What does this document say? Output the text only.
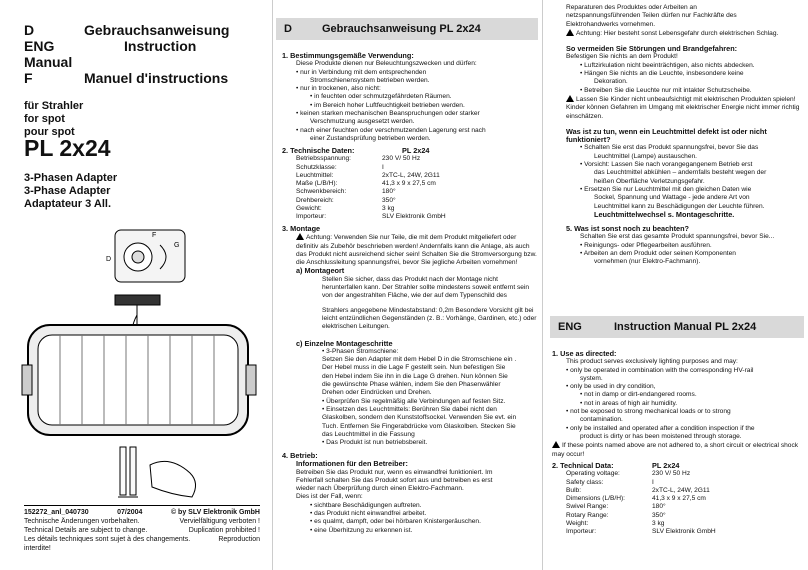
D	Gebrauchsanweisung
ENG	Instruction
Manual
F	Manuel d'instructions
für Strahler
for spot
pour spot
PL 2x24
3-Phasen Adapter
3-Phase Adapter
Adaptateur 3 All.
F
G
D
152272_anl_040730	07/2004	© by SLV Elektronik GmbH
Technische Änderungen vorbehalten.	Vervielfältigung verboten !
Technical Details are subject to change.	Duplication prohibited !
Les détails techniques sont sujet à des changements.	Reproduction
interdite!
D	Gebrauchsanweisung PL 2x24
1. Bestimmungsgemäße Verwendung:
Diese Produkte dienen nur Beleuchtungszwecken und dürfen:
• nur in Verbindung mit dem entsprechenden
Stromschienensystem betrieben werden.
• nur in trockenen, also nicht:
• in feuchten oder schmutzgefährdeten Räumen.
• im Bereich hoher Luftfeuchtigkeit betrieben werden.
• keinen starken mechanischen Beanspruchungen oder starker
Verschmutzung ausgesetzt werden.
• nach einer feuchten oder verschmutzenden Lagerung erst nach
einer Zustandsprüfung betrieben werden.
2. Technische Daten:	PL 2x24
Betriebsspannung:	230 V/ 50 Hz
Schutzklasse:	I
Leuchtmittel:	2xTC-L, 24W, 2G11
Maße (L/B/H):	41,3 x 9 x 27,5 cm
Schwenkbereich:	180°
Drehbereich:	350°
Gewicht:	3 kg
Importeur:	SLV Elektronik GmbH
3. Montage
Achtung: Verwenden Sie nur Teile, die mit dem Produkt mitgeliefert oder definitiv als Zubehör beschrieben werden! Andernfalls kann die Anlage, als auch das Produkt nicht ausreichend sicher sein! Schalten Sie die Stromversorgung bzw. die Anschlussleitung spannungsfrei, bevor Sie jegliche Arbeiten vornehmen!
a) Montageort
Stellen Sie sicher, dass das Produkt nach der Montage nicht herunterfallen kann. Der Strahler sollte mindestens soweit entfernt sein von der angestrahlten Fläche, wie der auf dem Typenschild des
Strahlers angegebene Mindestabstand: 0,2m Besondere Vorsicht gilt bei leicht entzündlichen Gegenständen (z. B.: Vorhänge, Gardinen, etc.) oder elektrischen Leitungen.
c) Einzelne Montageschritte
• 3-Phasen Stromschiene:
Setzen Sie den Adapter mit dem Hebel D in die Stromschiene ein .
Der Hebel muss in die Lage F gestellt sein. Nun befestigen Sie
den Hebel indem Sie ihn in die Lage G drehen. Nun können Sie
die gewünschte Phase wählen, indem Sie den Phasenwähler
Drehen oder Eindrücken und Drehen.
• Überprüfen Sie regelmäßig alle Verbindungen auf festen Sitz.
• Einsetzen des Leuchtmittels: Berühren Sie dabei nicht den
Glaskolben, sondern den Kunststoffsockel. Verwenden Sie evt. ein
Tuch. Entfernen Sie Fingerabdrücke vom Glaskolben. Stecken Sie
das Leuchtmittel in die Fassung
• Das Produkt ist nun betriebsbereit.
4. Betrieb:
Informationen für den Betreiber:
Betreiben Sie das Produkt nur, wenn es einwandfrei funktioniert. Im
Fehlerfall schalten Sie das Produkt sofort aus und betreiben es erst
wieder nach Überprüfung durch einen Elektro-Fachmann.
Dies ist der Fall, wenn:
• sichtbare Beschädigungen auftreten.
• das Produkt nicht einwandfrei arbeitet.
• es qualmt, dampft, oder bei hörbaren Knistergeräuschen.
• eine Überhitzung zu erkennen ist.
Reparaturen des Produktes oder Arbeiten an
netzspannungsführenden Teilen dürfen nur Fachkräfte des
Elektrohandwerks vornehmen.
Achtung: Hier besteht sonst Lebensgefahr durch elektrischen Schlag.
So vermeiden Sie Störungen und Brandgefahren:
Befestigen Sie nichts an dem Produkt!
• Luftzirkulation nicht beeinträchtigen, also nichts abdecken.
• Hängen Sie nichts an die Leuchte, insbesondere keine
Dekoration.
• Betreiben Sie die Leuchte nur mit intakter Schutzscheibe.
Lassen Sie Kinder nicht unbeaufsichtigt mit elektrischen Produkten spielen! Kinder können Gefahren im Umgang mit elektrischer Energie nicht immer richtig einschätzen.
Was ist zu tun, wenn ein Leuchtmittel defekt ist oder nicht funktioniert?
• Schalten Sie erst das Produkt spannungsfrei, bevor Sie das
Leuchtmittel (Lampe) austauschen.
• Vorsicht: Lassen Sie nach vorangegangenem Betrieb erst
das Leuchtmittel abkühlen – andernfalls besteht wegen der
heißen Oberfläche Verletzungsgefahr.
• Ersetzen Sie nur Leuchtmittel mit den gleichen Daten wie
Sockel, Spannung und Wattage - jede andere Art von
Leuchtmittel kann zu Beschädigungen der Leuchte führen.
Leuchtmittelwechsel s. Montageschritte.
5. Was ist sonst noch zu beachten?
Schalten Sie erst das gesamte Produkt spannungsfrei, bevor Sie...
• Reinigungs- oder Pflegearbeiten ausführen.
• Arbeiten an dem Produkt oder seinen Komponenten
vornehmen (nur Elektro-Fachmann).
ENG	Instruction Manual PL 2x24
1. Use as directed:
This product serves exclusively lighting purposes and may:
• only be operated in combination with the corresponding HV-rail
system.
• only be used in dry condition,
• not in damp or dirt-endangered rooms.
• not in areas of high air humidity.
• not be exposed to strong mechanical loads or to strong
contamination.
• only be installed and operated after a condition inspection if the
product is dirty or has been moistened through storage.
If these points named above are not adhered to, a short circuit or electrical shock may occur!
2. Technical Data:	PL 2x24
Operating voltage:	230 V/ 50 Hz
Safety class:	I
Bulb:	2xTC-L, 24W, 2G11
Dimensions (L/B/H):	41,3 x 9 x 27,5 cm
Swivel Range:	180°
Rotary Range:	350°
Weight:	3 kg
Importeur:	SLV Elektronik GmbH
